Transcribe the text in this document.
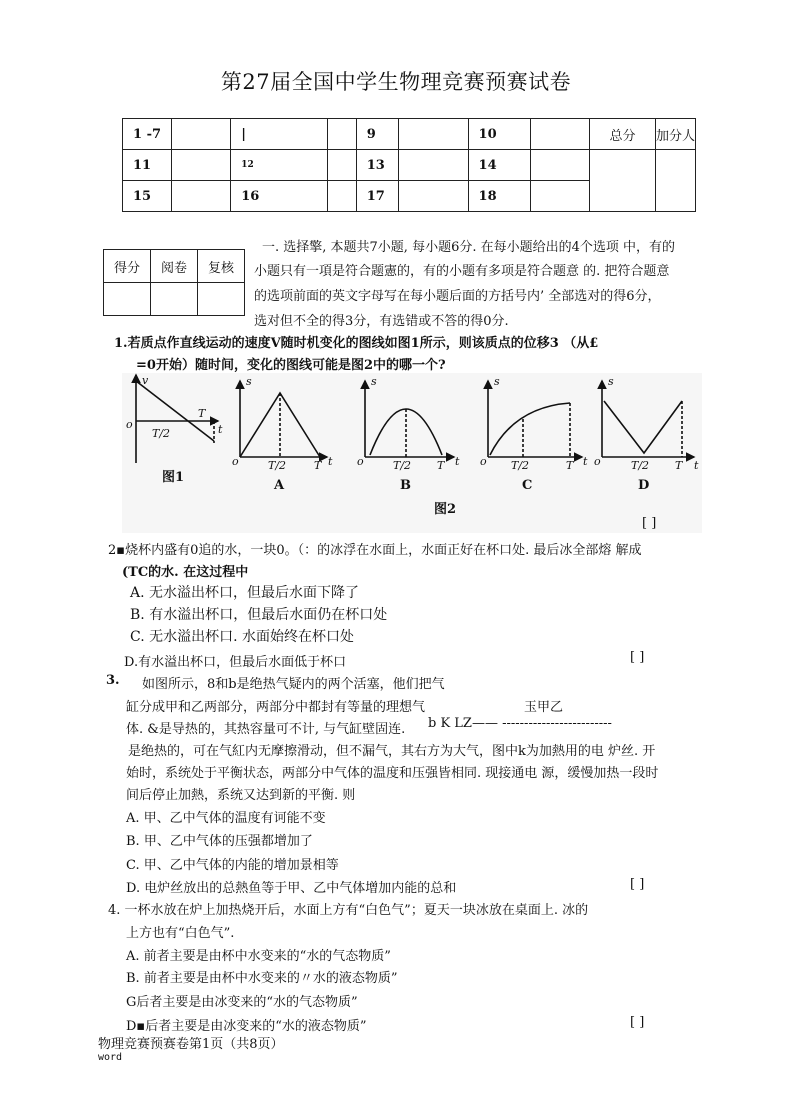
第27届全国中学生物理竞赛预赛试卷
1 -7		|		9		10		总分	加分人
11		12		13		14			
15		16		17		18			
得分	阅卷	复核

一. 选择擎, 本题共7小题, 每小题6分. 在每小题给出的4个选项 中，有的
小题只有一項是符合题憲的，有的小题有多项是符合题意 的. 把符合题意
的选项前面的英文字母写在每小题后面的方括号内’ 全部选对的得6分，
选对但不全的得3分，有选错或不答的得0分.
1.若质点作直线运动的速度V随时机变化的图线如图1所示，则该质点的位移3 （从£
=0开始）随时间，变化的图线可能是图2中的哪一个?
v
T
t
o
T/2
s
o	T/2	T t
s
o	T/2 T t
s
o T/2	T t
s
o	T/2 T t
图1
A	B	C	D
图2
[ ]
2▪烧杯内盛有0追的水，一块0。（：的冰浮在水面上，水面正好在杯口处. 最后冰全部熔 解成
(TC的水. 在这过程中
A. 无水溢出杯口，但最后水面下降了
B. 有水溢出杯口，但最后水面仍在杯口处
C. 无水溢出杯口. 水面始终在杯口处
D.有水溢出杯口，但最后水面低于杯口	[ ]
3. 如图所示，8和b是绝热气疑内的两个活塞，他们把气
缸分成甲和乙两部分，两部分中都封有等量的理想气	玉甲乙
体. &是导热的，其热容量可不计, 与气缸壁固连. b K LZ—— -------------------------
是绝热的，可在气紅内无摩擦滑动，但不漏气，其右方为大气，图中k为加熱用的电 炉丝. 开
始时，系统处于平衡状态，两部分中气体的温度和压强皆相同. 现接通电 源，缓慢加热一段时
间后停止加熱，系统又达到新的平衡. 则
A. 甲、乙中气体的温度有诃能不变
B. 甲、乙中气体的压强都增加了
C. 甲、乙中气体的内能的增加景相等
D. 电炉丝放出的总熱鱼等于甲、乙中气体增加内能的总和	[ ]
4. 一杯水放在炉上加热烧开后，水面上方有“白色气”；夏天一块冰放在桌面上. 冰的
上方也有“白色气”.
A. 前者主要是由杯中水变来的“水的气态物质”
B. 前者主要是由杯中水变来的〃水的液态物质”
G后者主要是由冰变来的“水的气态物质”
D▪后者主要是由冰变来的“水的液态物质”	[ ]
物理竞赛预赛卷第1页（共8页）
word
